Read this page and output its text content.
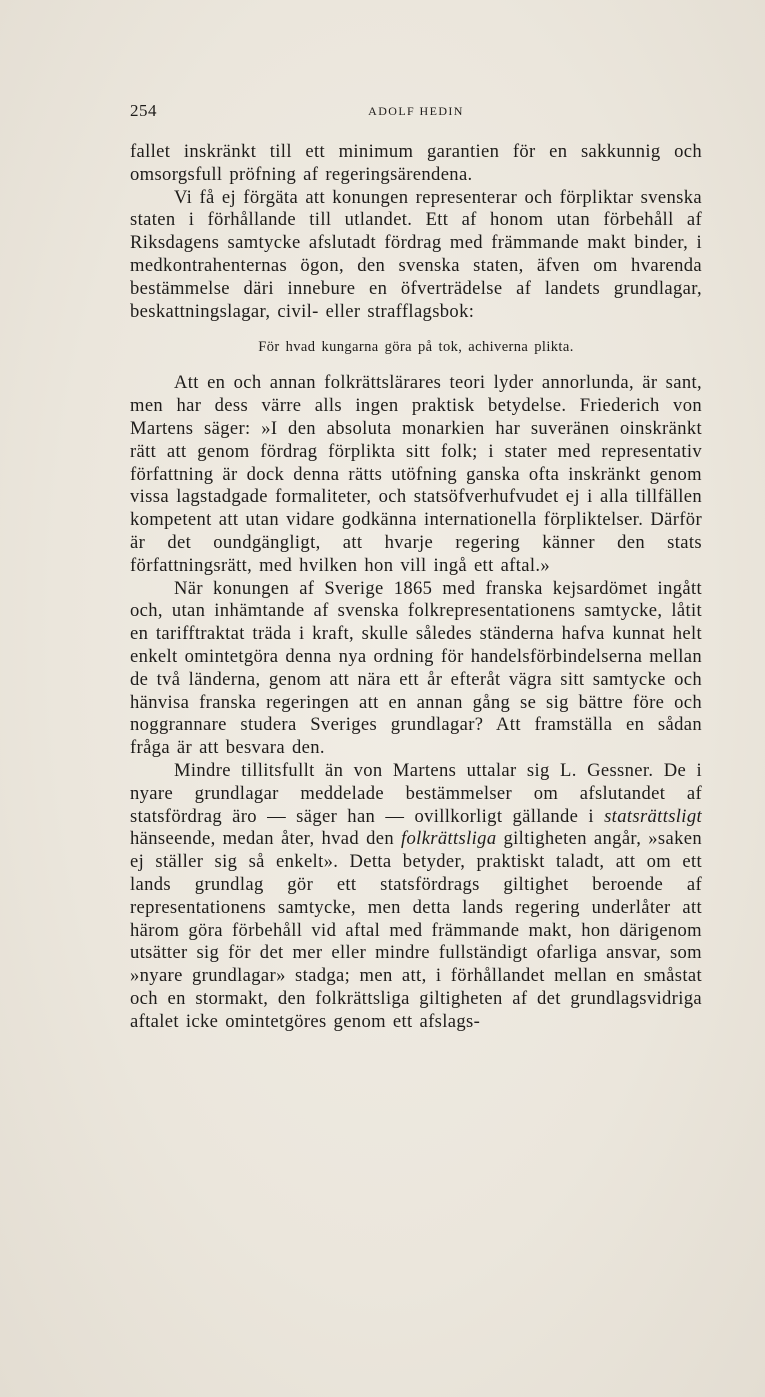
254	ADOLF HEDIN

fallet inskränkt till ett minimum garantien för en sakkunnig och omsorgsfull pröfning af regeringsärendena.

Vi få ej förgäta att konungen representerar och förpliktar svenska staten i förhållande till utlandet. Ett af honom utan förbehåll af Riksdagens samtycke afslutadt fördrag med främmande makt binder, i medkontrahenternas ögon, den svenska staten, äfven om hvarenda bestämmelse däri innebure en öfverträdelse af landets grundlagar, beskattningslagar, civil- eller strafflagsbok:

För hvad kungarna göra på tok, achiverna plikta.

Att en och annan folkrättslärares teori lyder annorlunda, är sant, men har dess värre alls ingen praktisk betydelse. Friederich von Martens säger: »I den absoluta monarkien har suveränen oinskränkt rätt att genom fördrag förplikta sitt folk; i stater med representativ författning är dock denna rätts utöfning ganska ofta inskränkt genom vissa lagstadgade formaliteter, och statsöfverhufvudet ej i alla tillfällen kompetent att utan vidare godkänna internationella förpliktelser. Därför är det oundgängligt, att hvarje regering känner den stats författningsrätt, med hvilken hon vill ingå ett aftal.»

När konungen af Sverige 1865 med franska kejsardömet ingått och, utan inhämtande af svenska folkrepresentationens samtycke, låtit en tarifftraktat träda i kraft, skulle således ständerna hafva kunnat helt enkelt omintetgöra denna nya ordning för handelsförbindelserna mellan de två länderna, genom att nära ett år efteråt vägra sitt samtycke och hänvisa franska regeringen att en annan gång se sig bättre före och noggrannare studera Sveriges grundlagar? Att framställa en sådan fråga är att besvara den.

Mindre tillitsfullt än von Martens uttalar sig L. Gessner. De i nyare grundlagar meddelade bestämmelser om afslutandet af statsfördrag äro — säger han — ovillkorligt gällande i statsrättsligt hänseende, medan åter, hvad den folkrättsliga giltigheten angår, »saken ej ställer sig så enkelt». Detta betyder, praktiskt taladt, att om ett lands grundlag gör ett statsfördrags giltighet beroende af representationens samtycke, men detta lands regering underlåter att härom göra förbehåll vid aftal med främmande makt, hon därigenom utsätter sig för det mer eller mindre fullständigt ofarliga ansvar, som »nyare grundlagar» stadga; men att, i förhållandet mellan en småstat och en stormakt, den folkrättsliga giltigheten af det grundlagsvidriga aftalet icke omintetgöres genom ett afslags-
